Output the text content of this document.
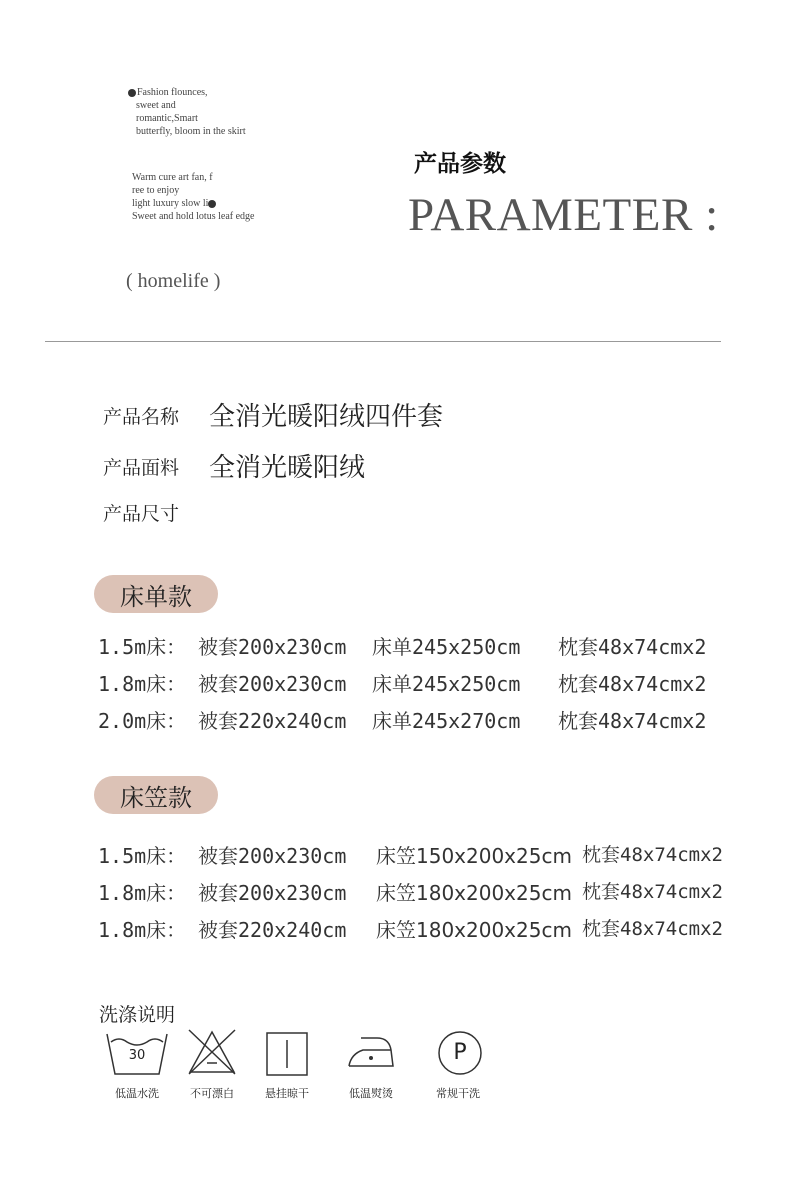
Fashion flounces,
sweet and
romantic,Smart
butterfly, bloom in the skirt
Warm cure art fan, f
ree to enjoy
light luxury slow li
Sweet and hold lotus leaf edge
( homelife )
产品参数
PARAMETER :
产品名称 全消光暖阳绒四件套
产品面料 全消光暖阳绒
产品尺寸
床单款
1.5m床： 被套200x230cm 床单245x250cm 枕套48x74cmx2
1.8m床： 被套200x230cm 床单245x250cm 枕套48x74cmx2
2.0m床： 被套220x240cm 床单245x270cm 枕套48x74cmx2
床笠款
1.5m床： 被套200x230cm 床笠150x200x25cm 枕套48x74cmx2
1.8m床： 被套200x230cm 床笠180x200x25cm 枕套48x74cmx2
1.8m床： 被套220x240cm 床笠180x200x25cm 枕套48x74cmx2
洗涤说明
30
低温水洗	不可漂白	悬挂晾干	低温熨烫
P
常规干洗
